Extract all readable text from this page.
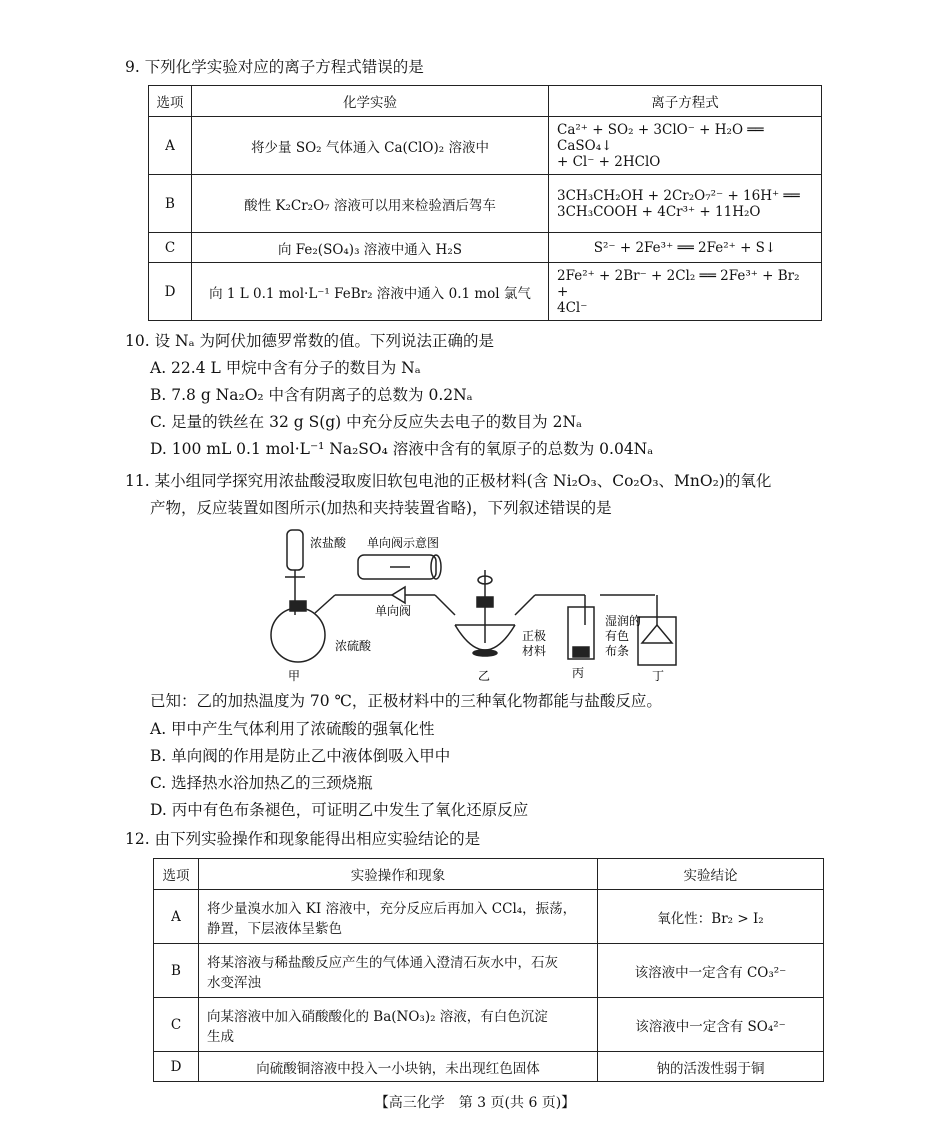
9. 下列化学实验对应的离子方程式错误的是
选项	化学实验	离子方程式
A	将少量 SO₂ 气体通入 Ca(ClO)₂ 溶液中	Ca²⁺ + SO₂ + 3ClO⁻ + H₂O ══ CaSO₄↓
+ Cl⁻ + 2HClO

B	酸性 K₂Cr₂O₇ 溶液可以用来检验酒后驾车	3CH₃CH₂OH + 2Cr₂O₇²⁻ + 16H⁺ ══
3CH₃COOH + 4Cr³⁺ + 11H₂O

C	向 Fe₂(SO₄)₃ 溶液中通入 H₂S	S²⁻ + 2Fe³⁺ ══ 2Fe²⁺ + S↓

D	向 1 L 0.1 mol·L⁻¹ FeBr₂ 溶液中通入 0.1 mol 氯气	2Fe²⁺ + 2Br⁻ + 2Cl₂ ══ 2Fe³⁺ + Br₂ +
4Cl⁻
10. 设 Nₐ 为阿伏加德罗常数的值。下列说法正确的是
A. 22.4 L 甲烷中含有分子的数目为 Nₐ
B. 7.8 g Na₂O₂ 中含有阴离子的总数为 0.2Nₐ
C. 足量的铁丝在 32 g S(g) 中充分反应失去电子的数目为 2Nₐ
D. 100 mL 0.1 mol·L⁻¹ Na₂SO₄ 溶液中含有的氧原子的总数为 0.04Nₐ
11. 某小组同学探究用浓盐酸浸取废旧软包电池的正极材料(含 Ni₂O₃、Co₂O₃、MnO₂)的氧化
产物，反应装置如图所示(加热和夹持装置省略)，下列叙述错误的是
浓盐酸 单向阀示意图
单向阀
浓硫酸
甲	乙
正极
材料
湿润的
有色
布条
丙	丁
已知：乙的加热温度为 70 ℃，正极材料中的三种氧化物都能与盐酸反应。
A. 甲中产生气体利用了浓硫酸的强氧化性
B. 单向阀的作用是防止乙中液体倒吸入甲中
C. 选择热水浴加热乙的三颈烧瓶
D. 丙中有色布条褪色，可证明乙中发生了氧化还原反应
12. 由下列实验操作和现象能得出相应实验结论的是
选项	实验操作和现象	实验结论
A	将少量溴水加入 KI 溶液中，充分反应后再加入 CCl₄，振荡，
静置，下层液体呈紫色	氧化性：Br₂ > I₂
B	将某溶液与稀盐酸反应产生的气体通入澄清石灰水中，石灰
水变浑浊	该溶液中一定含有 CO₃²⁻
C	向某溶液中加入硝酸酸化的 Ba(NO₃)₂ 溶液，有白色沉淀
生成	该溶液中一定含有 SO₄²⁻
D	向硫酸铜溶液中投入一小块钠，未出现红色固体	钠的活泼性弱于铜
【高三化学　第 3 页(共 6 页)】
